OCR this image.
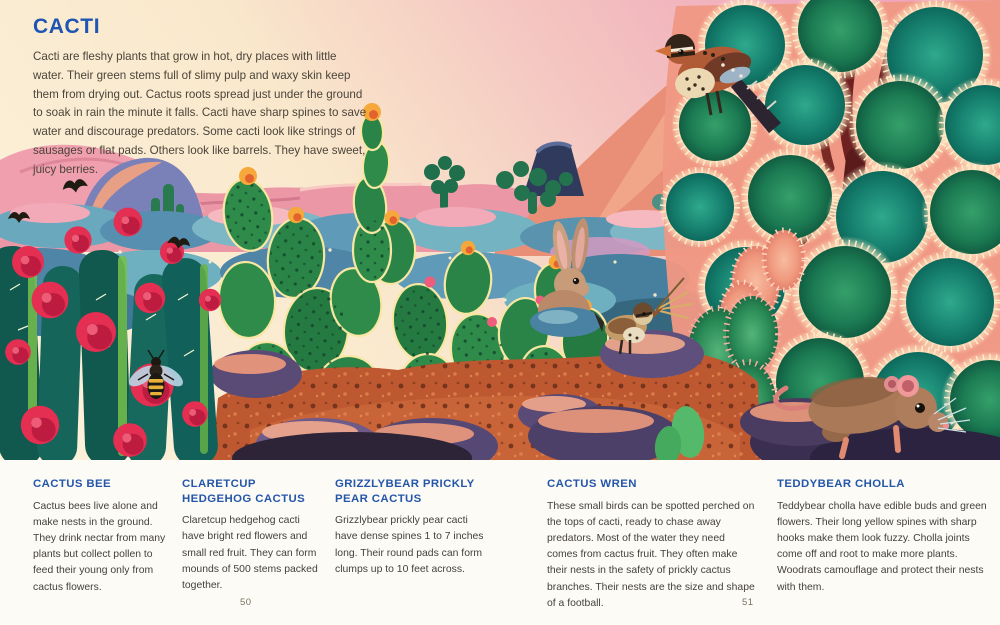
CACTI

Cacti are fleshy plants that grow in hot, dry places with little water. Their green stems full of slimy pulp and waxy skin keep them from drying out. Cactus roots spread just under the ground to soak in rain the minute it falls. Cacti have sharp spines to save water and discourage predators. Some cacti look like strings of sausages or flat pads. Others look like barrels. They have sweet, juicy berries.

CACTUS BEE

Cactus bees live alone and make nests in the ground. They drink nectar from many plants but collect pollen to feed their young only from cactus flowers.

CLARETCUP HEDGEHOG CACTUS

Claretcup hedgehog cacti have bright red flowers and small red fruit. They can form mounds of 500 stems packed together.

GRIZZLYBEAR PRICKLY PEAR CACTUS

Grizzlybear prickly pear cacti have dense spines 1 to 7 inches long. Their round pads can form clumps up to 10 feet across.

CACTUS WREN

These small birds can be spotted perched on the tops of cacti, ready to chase away predators. Most of the water they need comes from cactus fruit. They often make their nests in the safety of prickly cactus branches. Their nests are the size and shape of a football.

TEDDYBEAR CHOLLA

Teddybear cholla have edible buds and green flowers. Their long yellow spines with sharp hooks make them look fuzzy. Cholla joints come off and root to make more plants. Woodrats camouflage and protect their nests with them.

50	51
